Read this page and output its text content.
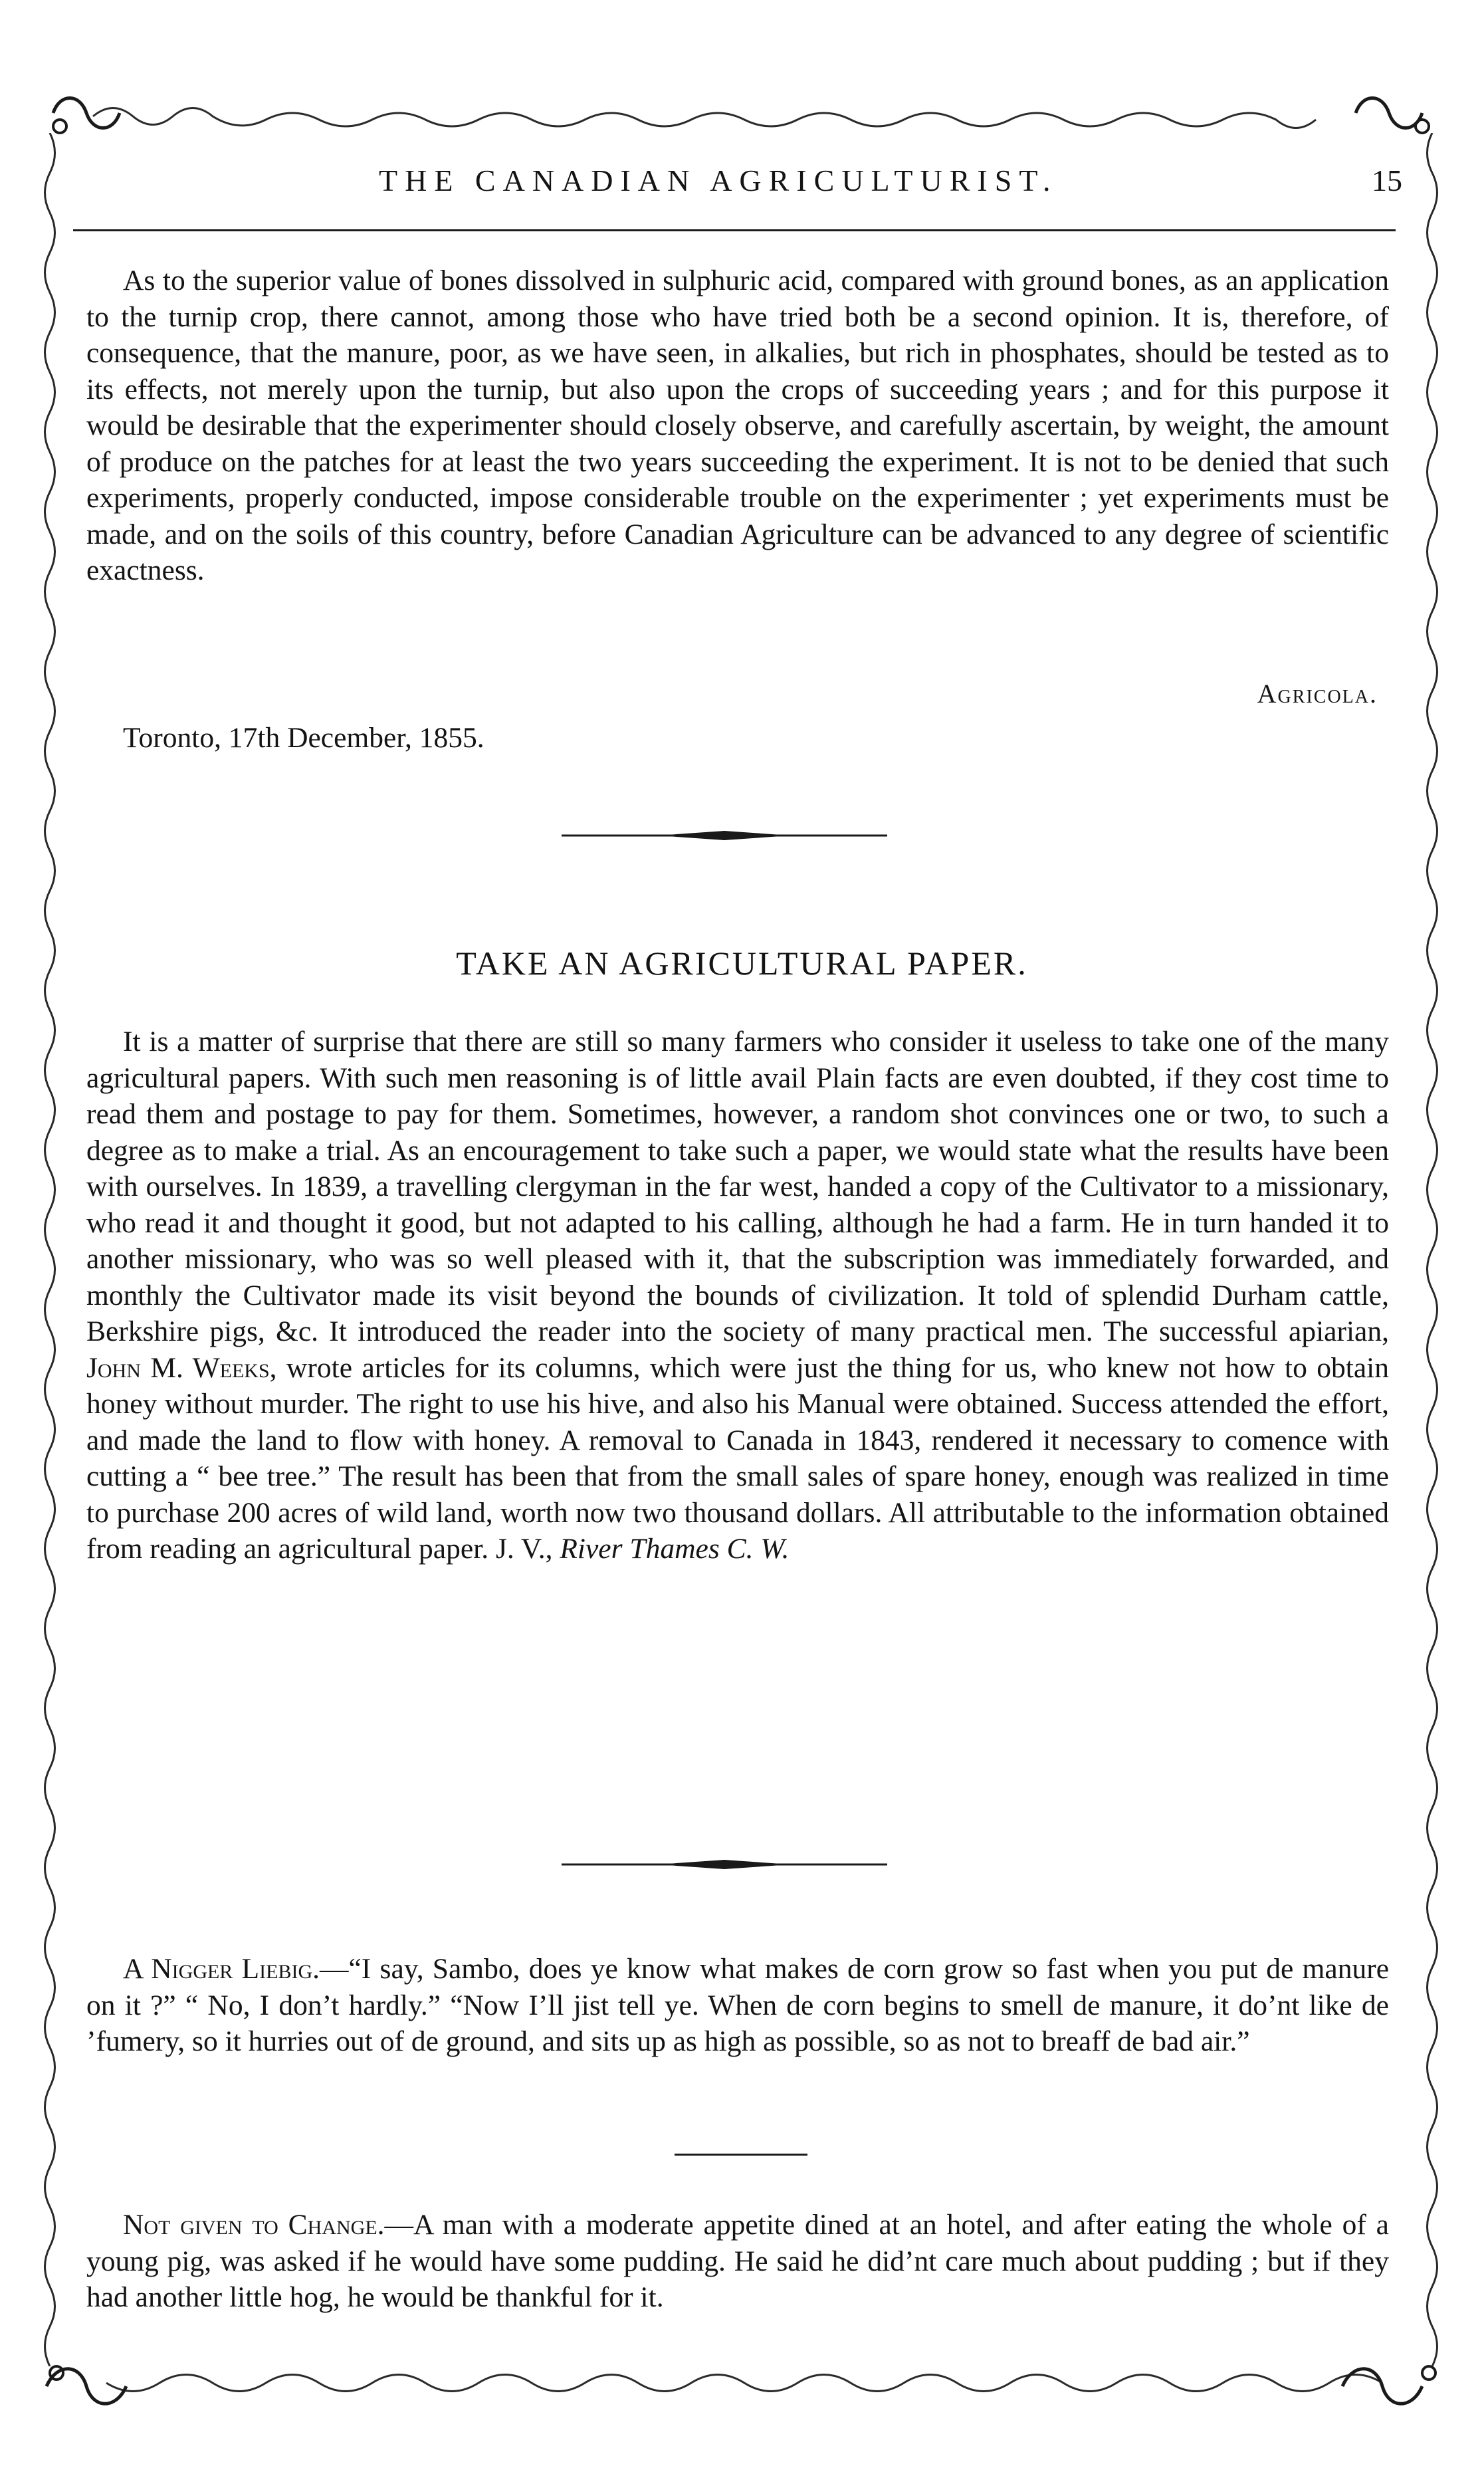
THE CANADIAN AGRICULTURIST.	15

As to the superior value of bones dissolved in sulphuric acid, compared with ground bones, as an application to the turnip crop, there cannot, among those who have tried both be a second opinion. It is, therefore, of consequence, that the manure, poor, as we have seen, in alkalies, but rich in phosphates, should be tested as to its effects, not merely upon the turnip, but also upon the crops of succeeding years ; and for this purpose it would be desirable that the experimenter should closely observe, and carefully ascertain, by weight, the amount of produce on the patches for at least the two years succeeding the experiment. It is not to be denied that such experiments, properly conducted, impose considerable trouble on the experimenter ; yet experiments must be made, and on the soils of this country, before Canadian Agriculture can be advanced to any degree of scientific exactness.

Agricola.
Toronto, 17th December, 1855.
TAKE AN AGRICULTURAL PAPER.

It is a matter of surprise that there are still so many farmers who consider it useless to take one of the many agricultural papers. With such men reasoning is of little avail Plain facts are even doubted, if they cost time to read them and postage to pay for them. Sometimes, however, a random shot convinces one or two, to such a degree as to make a trial. As an encouragement to take such a paper, we would state what the results have been with ourselves. In 1839, a travelling clergyman in the far west, handed a copy of the Cultivator to a missionary, who read it and thought it good, but not adapted to his calling, although he had a farm. He in turn handed it to another missionary, who was so well pleased with it, that the subscription was immediately forwarded, and monthly the Cultivator made its visit beyond the bounds of civilization. It told of splendid Durham cattle, Berkshire pigs, &c. It introduced the reader into the society of many practical men. The successful apiarian, John M. Weeks, wrote articles for its columns, which were just the thing for us, who knew not how to obtain honey without murder. The right to use his hive, and also his Manual were obtained. Success attended the effort, and made the land to flow with honey. A removal to Canada in 1843, rendered it necessary to comence with cutting a “ bee tree.” The result has been that from the small sales of spare honey, enough was realized in time to purchase 200 acres of wild land, worth now two thousand dollars. All attributable to the information obtained from reading an agricultural paper. J. V., River Thames C. W.

A Nigger Liebig.—“I say, Sambo, does ye know what makes de corn grow so fast when you put de manure on it ?” “ No, I don’t hardly.” “Now I’ll jist tell ye. When de corn begins to smell de manure, it do’nt like de ’fumery, so it hurries out of de ground, and sits up as high as possible, so as not to breaff de bad air.”

Not given to Change.—A man with a moderate appetite dined at an hotel, and after eating the whole of a young pig, was asked if he would have some pudding. He said he did’nt care much about pudding ; but if they had another little hog, he would be thankful for it.
